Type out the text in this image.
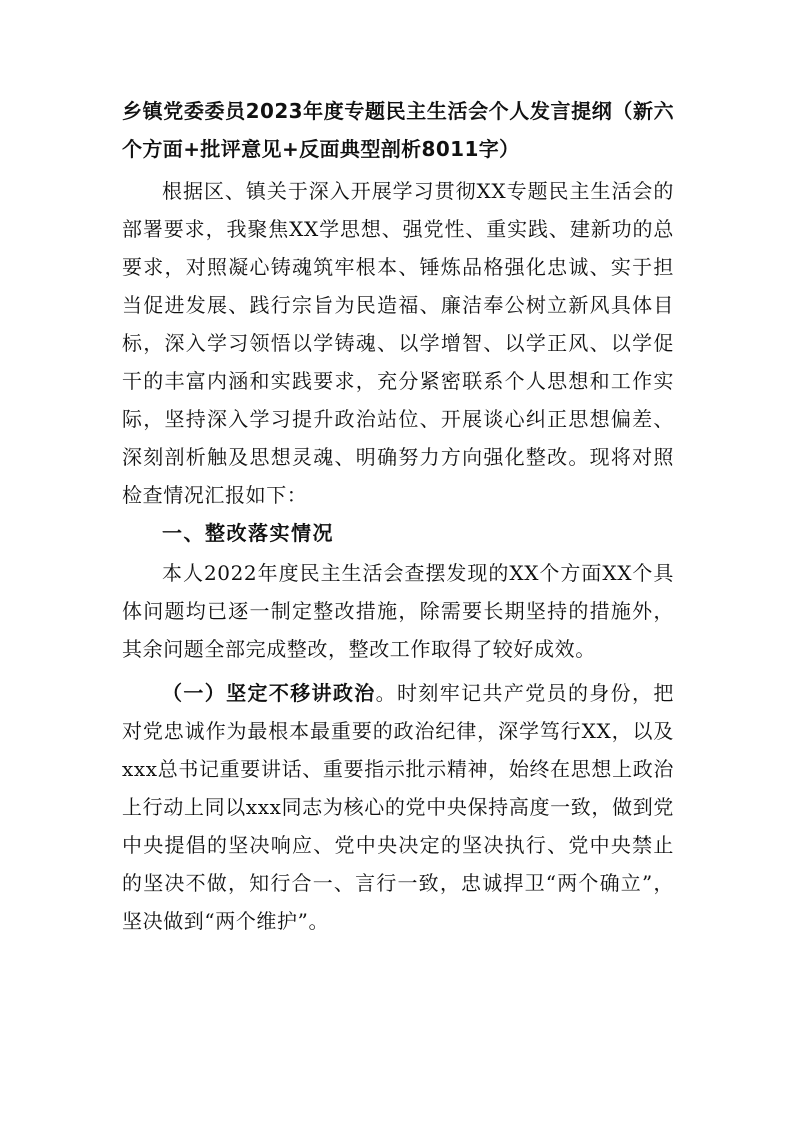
乡镇党委委员2023年度专题民主生活会个人发言提纲（新六个方面+批评意见+反面典型剖析8011字）

根据区、镇关于深入开展学习贯彻XX专题民主生活会的部署要求，我聚焦XX学思想、强党性、重实践、建新功的总要求，对照凝心铸魂筑牢根本、锤炼品格强化忠诚、实于担当促进发展、践行宗旨为民造福、廉洁奉公树立新风具体目标，深入学习领悟以学铸魂、以学增智、以学正风、以学促干的丰富内涵和实践要求，充分紧密联系个人思想和工作实际，坚持深入学习提升政治站位、开展谈心纠正思想偏差、深刻剖析触及思想灵魂、明确努力方向强化整改。现将对照检查情况汇报如下：

一、整改落实情况

本人2022年度民主生活会查摆发现的XX个方面XX个具体问题均已逐一制定整改措施，除需要长期坚持的措施外，其余问题全部完成整改，整改工作取得了较好成效。

（一）坚定不移讲政治。时刻牢记共产党员的身份，把对党忠诚作为最根本最重要的政治纪律，深学笃行XX，以及xxx总书记重要讲话、重要指示批示精神，始终在思想上政治上行动上同以xxx同志为核心的党中央保持高度一致，做到党中央提倡的坚决响应、党中央决定的坚决执行、党中央禁止的坚决不做，知行合一、言行一致，忠诚捍卫“两个确立”，坚决做到“两个维护”。
